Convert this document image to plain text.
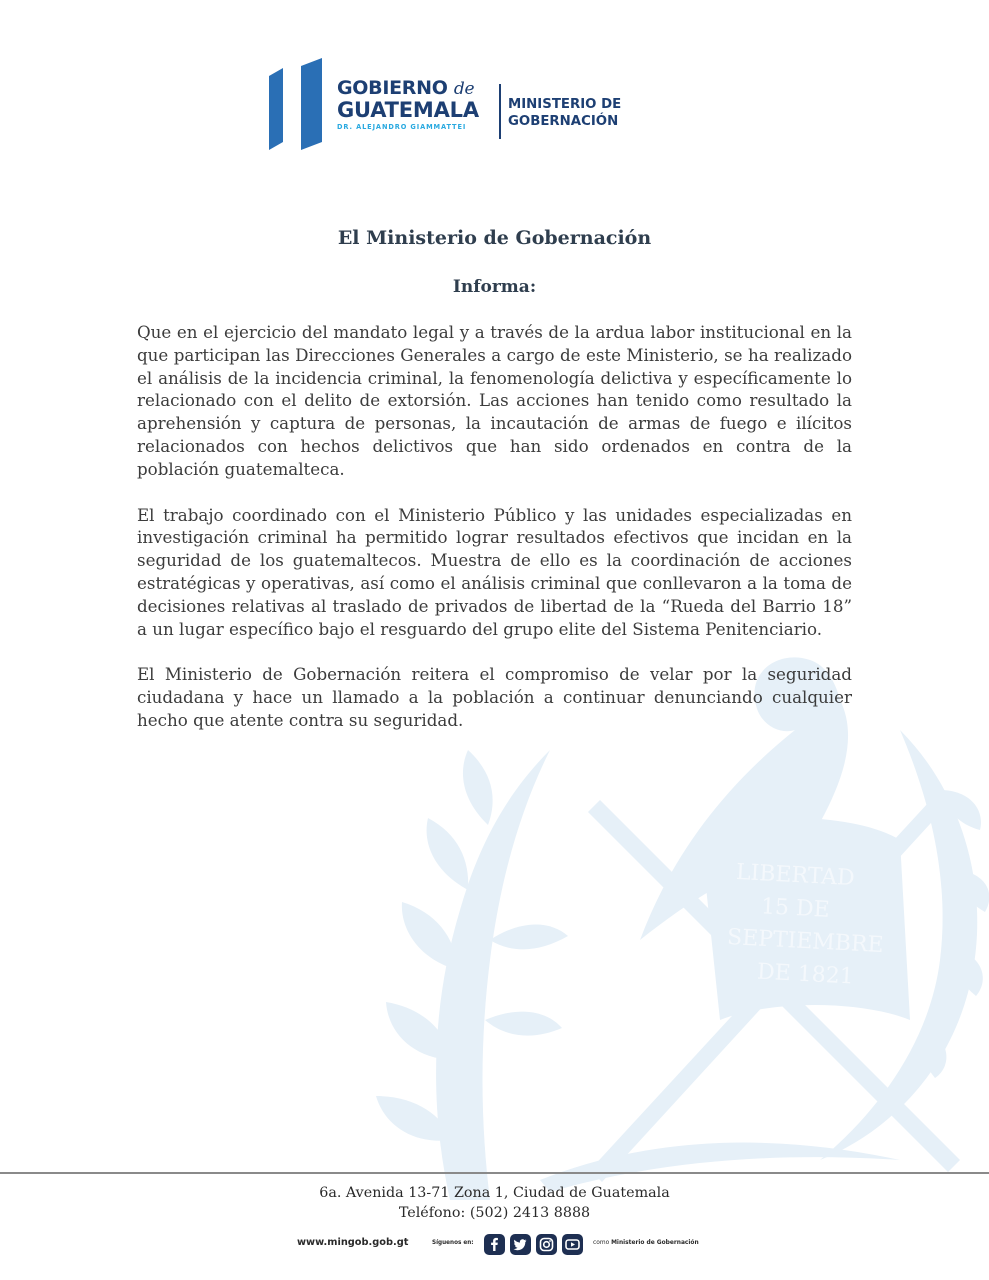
LIBERTAD
15 DE
SEPTIEMBRE
DE 1821
GOBIERNO de
GUATEMALA
DR. ALEJANDRO GIAMMATTEI
MINISTERIO DE
GOBERNACIÓN
El Ministerio de Gobernación
Informa:

Que en el ejercicio del mandato legal y a través de la ardua labor institucional en la que participan las Direcciones Generales a cargo de este Ministerio, se ha realizado el análisis de la incidencia criminal, la fenomenología delictiva y específicamente lo relacionado con el delito de extorsión. Las acciones han tenido como resultado la aprehensión y captura de personas, la incautación de armas de fuego e ilícitos relacionados con hechos delictivos que han sido ordenados en contra de la población guatemalteca.

El trabajo coordinado con el Ministerio Público y las unidades especializadas en investigación criminal ha permitido lograr resultados efectivos que incidan en la seguridad de los guatemaltecos. Muestra de ello es la coordinación de acciones estratégicas y operativas, así como el análisis criminal que conllevaron a la toma de decisiones relativas al traslado de privados de libertad de la “Rueda del Barrio 18” a un lugar específico bajo el resguardo del grupo elite del Sistema Penitenciario.

El Ministerio de Gobernación reitera el compromiso de velar por la seguridad ciudadana y hace un llamado a la población a continuar denunciando cualquier hecho que atente contra su seguridad.

6a. Avenida 13-71 Zona 1, Ciudad de Guatemala
Teléfono: (502) 2413 8888
www.mingob.gob.gt	Síguenos en:	como Ministerio de Gobernación
